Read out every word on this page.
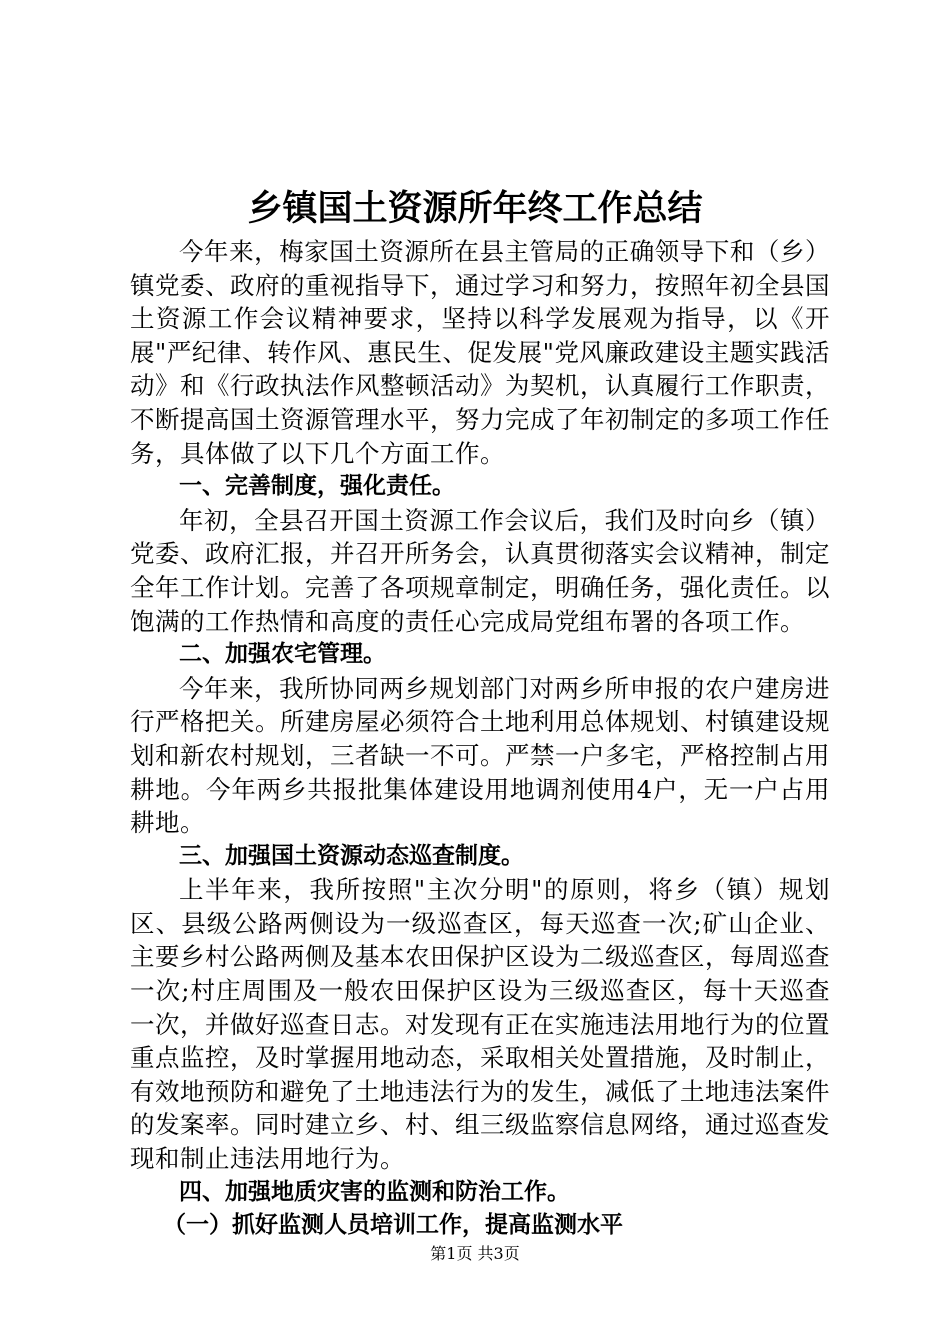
乡镇国土资源所年终工作总结

今年来，梅家国土资源所在县主管局的正确领导下和（乡）镇党委、政府的重视指导下，通过学习和努力，按照年初全县国土资源工作会议精神要求，坚持以科学发展观为指导，以《开展"严纪律、转作风、惠民生、促发展"党风廉政建设主题实践活动》和《行政执法作风整顿活动》为契机，认真履行工作职责，不断提高国土资源管理水平，努力完成了年初制定的多项工作任务，具体做了以下几个方面工作。

一、完善制度，强化责任。

年初，全县召开国土资源工作会议后，我们及时向乡（镇）党委、政府汇报，并召开所务会，认真贯彻落实会议精神，制定全年工作计划。完善了各项规章制定，明确任务，强化责任。以饱满的工作热情和高度的责任心完成局党组布署的各项工作。

二、加强农宅管理。

今年来，我所协同两乡规划部门对两乡所申报的农户建房进行严格把关。所建房屋必须符合土地利用总体规划、村镇建设规划和新农村规划，三者缺一不可。严禁一户多宅，严格控制占用耕地。今年两乡共报批集体建设用地调剂使用4户，无一户占用耕地。

三、加强国土资源动态巡查制度。

上半年来，我所按照"主次分明"的原则，将乡（镇）规划区、县级公路两侧设为一级巡查区，每天巡查一次;矿山企业、主要乡村公路两侧及基本农田保护区设为二级巡查区，每周巡查一次;村庄周围及一般农田保护区设为三级巡查区，每十天巡查一次，并做好巡查日志。对发现有正在实施违法用地行为的位置重点监控，及时掌握用地动态，采取相关处置措施，及时制止，有效地预防和避免了土地违法行为的发生，减低了土地违法案件的发案率。同时建立乡、村、组三级监察信息网络，通过巡查发现和制止违法用地行为。

四、加强地质灾害的监测和防治工作。

（一）抓好监测人员培训工作，提高监测水平

第1页 共3页
